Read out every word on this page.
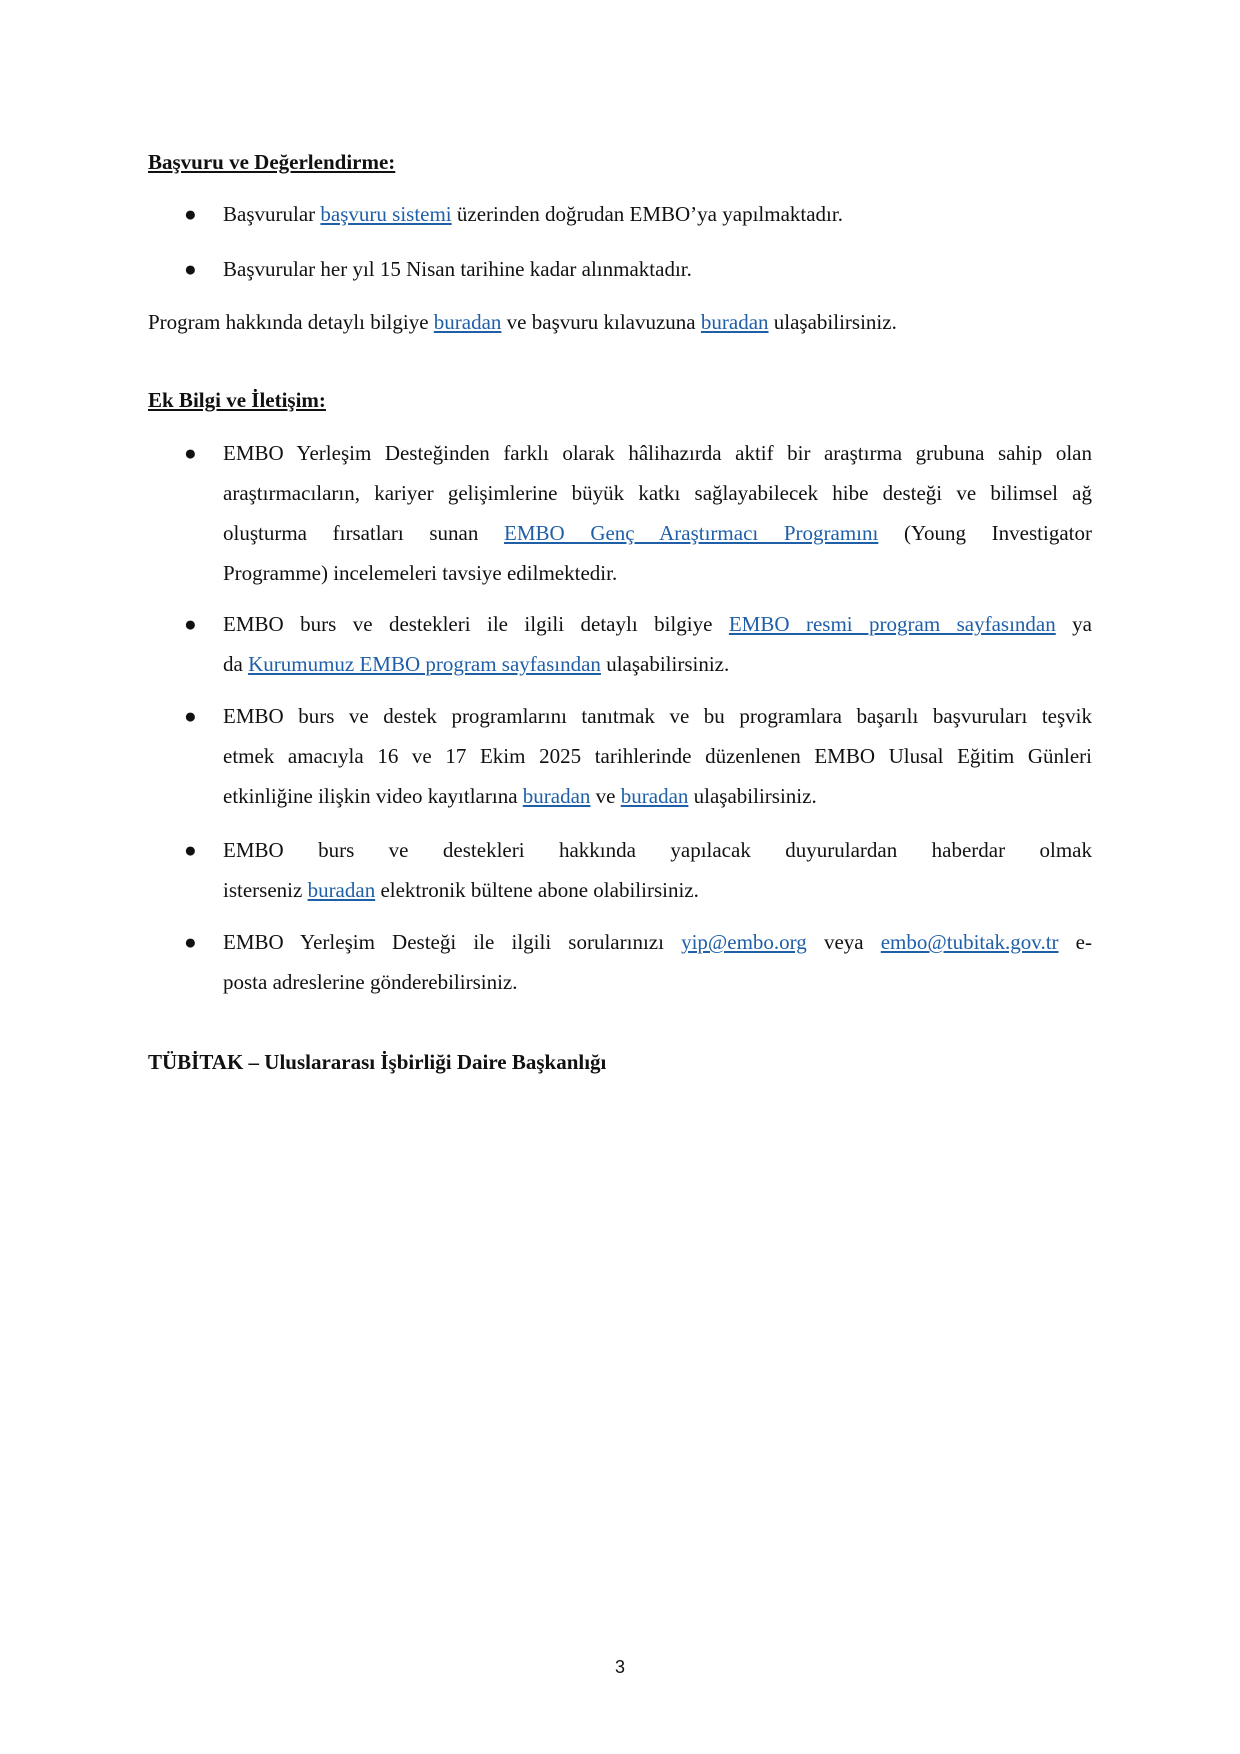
Başvuru ve Değerlendirme:
● Başvurular başvuru sistemi üzerinden doğrudan EMBO’ya yapılmaktadır.
● Başvurular her yıl 15 Nisan tarihine kadar alınmaktadır.
Program hakkında detaylı bilgiye buradan ve başvuru kılavuzuna buradan ulaşabilirsiniz.
Ek Bilgi ve İletişim:
● EMBO Yerleşim Desteğinden farklı olarak hâlihazırda aktif bir araştırma grubuna sahip olan
araştırmacıların, kariyer gelişimlerine büyük katkı sağlayabilecek hibe desteği ve bilimsel ağ
oluşturma fırsatları sunan EMBO Genç Araştırmacı Programını (Young Investigator
Programme) incelemeleri tavsiye edilmektedir.
● EMBO burs ve destekleri ile ilgili detaylı bilgiye EMBO resmi program sayfasından ya
da Kurumumuz EMBO program sayfasından ulaşabilirsiniz.
● EMBO burs ve destek programlarını tanıtmak ve bu programlara başarılı başvuruları teşvik
etmek amacıyla 16 ve 17 Ekim 2025 tarihlerinde düzenlenen EMBO Ulusal Eğitim Günleri
etkinliğine ilişkin video kayıtlarına buradan ve buradan ulaşabilirsiniz.
● EMBO burs ve destekleri hakkında yapılacak duyurulardan haberdar olmak
isterseniz buradan elektronik bültene abone olabilirsiniz.
● EMBO Yerleşim Desteği ile ilgili sorularınızı yip@embo.org veya embo@tubitak.gov.tr e-
posta adreslerine gönderebilirsiniz.
TÜBİTAK – Uluslararası İşbirliği Daire Başkanlığı
3
